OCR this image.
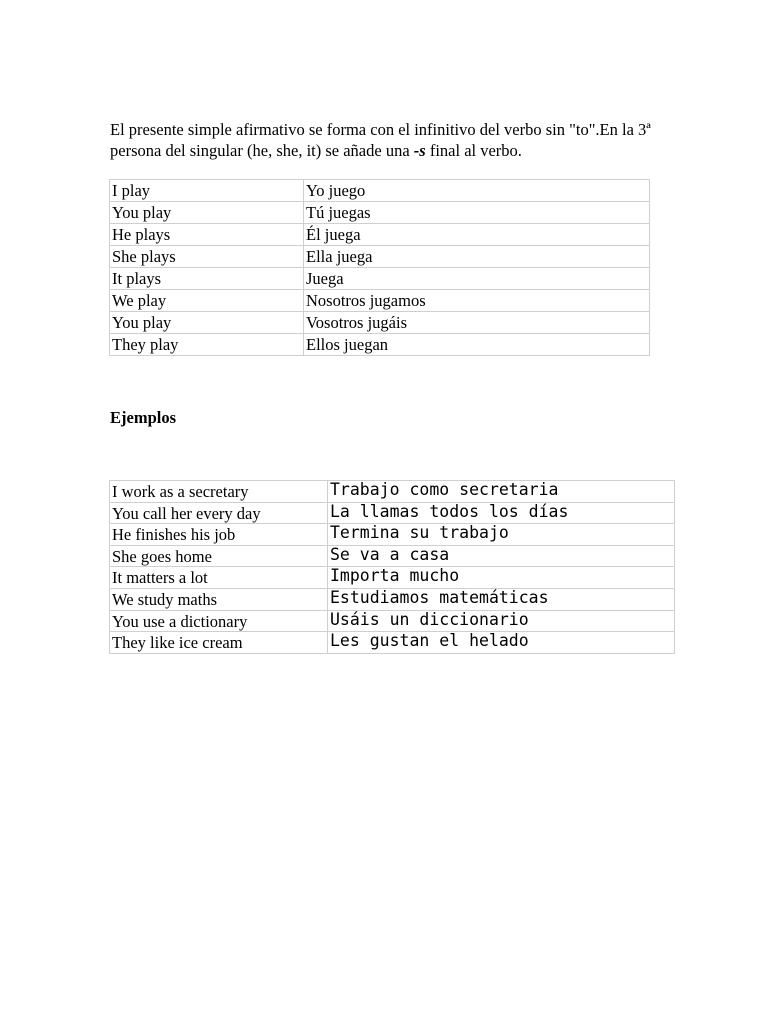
El presente simple afirmativo se forma con el infinitivo del verbo sin "to".En la 3ª persona del singular (he, she, it) se añade una -s final al verbo.

I play	Yo juego
You play	Tú juegas
He plays	Él juega
She plays	Ella juega
It plays	Juega
We play	Nosotros jugamos
You play	Vosotros jugáis
They play	Ellos juegan
Ejemplos
I work as a secretary	Trabajo como secretaria
You call her every day	La llamas todos los días
He finishes his job	Termina su trabajo
She goes home	Se va a casa
It matters a lot	Importa mucho
We study maths	Estudiamos matemáticas
You use a dictionary	Usáis un diccionario
They like ice cream	Les gustan el helado
